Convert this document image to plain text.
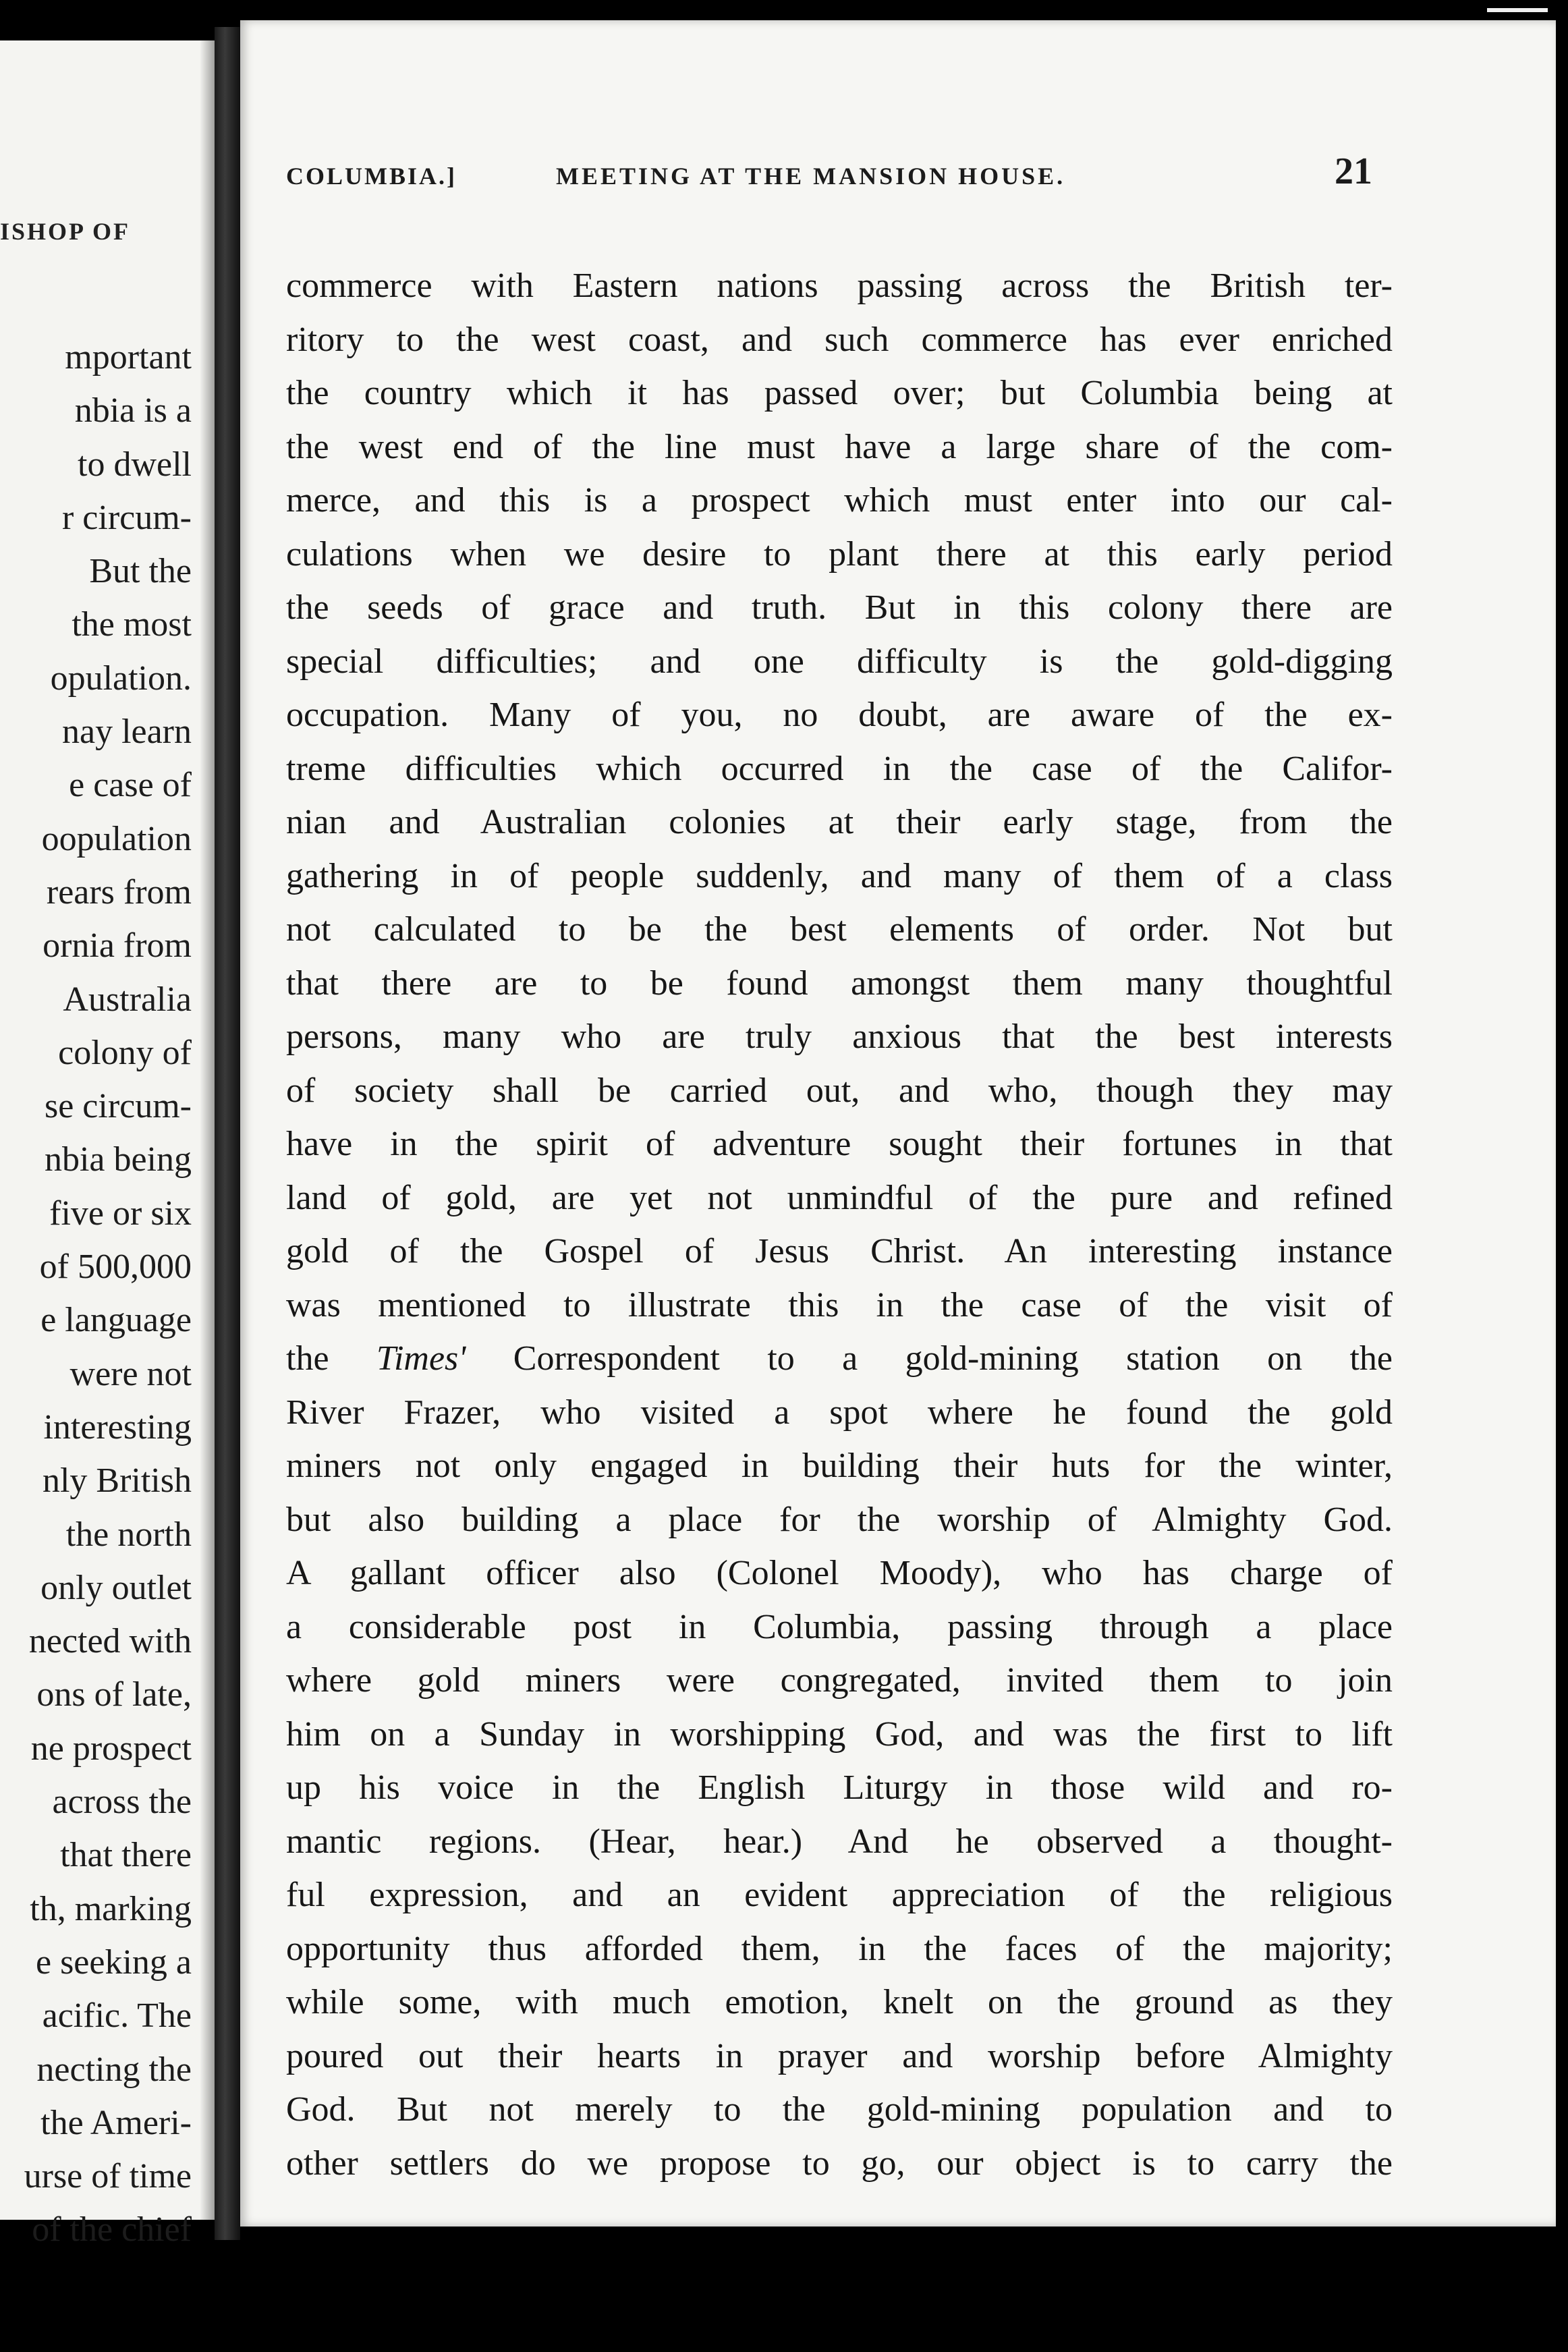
ISHOP OF
mportant
nbia is a
to dwell
r circum-
But the
the most
opulation.
nay learn
e case of
oopulation
rears from
ornia from
Australia
colony of
se circum-
nbia being
five or six
of 500,000
e language
were not
interesting
nly British
the north
only outlet
nected with
ons of late,
ne prospect
across the
that there
th, marking
e seeking a
acific. The
necting the
the Ameri-
urse of time
of the chief
COLUMBIA.]	MEETING AT THE MANSION HOUSE.	21
commerce with Eastern nations passing across the British ter-
ritory to the west coast, and such commerce has ever enriched
the country which it has passed over; but Columbia being at
the west end of the line must have a large share of the com-
merce, and this is a prospect which must enter into our cal-
culations when we desire to plant there at this early period
the seeds of grace and truth. But in this colony there are
special difficulties; and one difficulty is the gold-digging
occupation. Many of you, no doubt, are aware of the ex-
treme difficulties which occurred in the case of the Califor-
nian and Australian colonies at their early stage, from the
gathering in of people suddenly, and many of them of a class
not calculated to be the best elements of order. Not but
that there are to be found amongst them many thoughtful
persons, many who are truly anxious that the best interests
of society shall be carried out, and who, though they may
have in the spirit of adventure sought their fortunes in that
land of gold, are yet not unmindful of the pure and refined
gold of the Gospel of Jesus Christ. An interesting instance
was mentioned to illustrate this in the case of the visit of
the Times' Correspondent to a gold-mining station on the
River Frazer, who visited a spot where he found the gold
miners not only engaged in building their huts for the winter,
but also building a place for the worship of Almighty God.
A gallant officer also (Colonel Moody), who has charge of
a considerable post in Columbia, passing through a place
where gold miners were congregated, invited them to join
him on a Sunday in worshipping God, and was the first to lift
up his voice in the English Liturgy in those wild and ro-
mantic regions. (Hear, hear.) And he observed a thought-
ful expression, and an evident appreciation of the religious
opportunity thus afforded them, in the faces of the majority;
while some, with much emotion, knelt on the ground as they
poured out their hearts in prayer and worship before Almighty
God. But not merely to the gold-mining population and to
other settlers do we propose to go, our object is to carry the
